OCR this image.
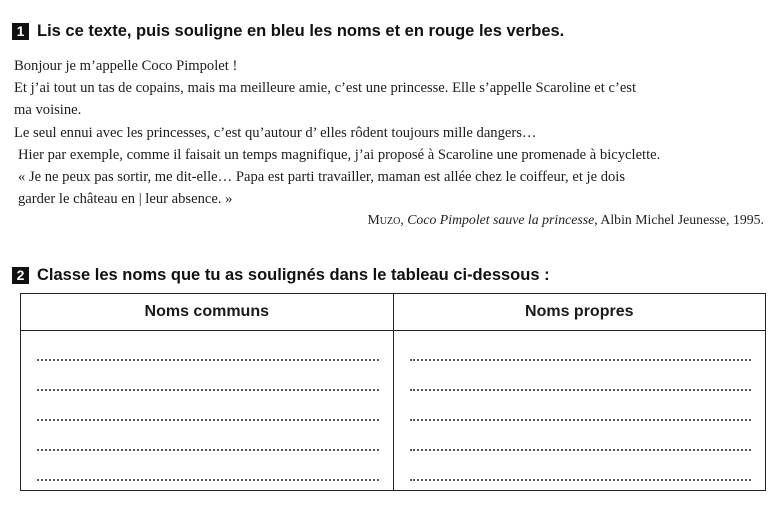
1 Lis ce texte, puis souligne en bleu les noms et en rouge les verbes.

Bonjour je m’appelle Coco Pimpolet !

Et j’ai tout un tas de copains, mais ma meilleure amie, c’est une princesse. Elle s’appelle Scaroline et c’est

ma voisine.

Le seul ennui avec les princesses, c’est qu’autour d’ elles rôdent toujours mille dangers…

Hier par exemple, comme il faisait un temps magnifique, j’ai proposé à Scaroline une promenade à bicyclette.

« Je ne peux pas sortir, me dit-elle… Papa est parti travailler, maman est allée chez le coiffeur, et je dois

garder le château en | leur absence. »

Muzo, Coco Pimpolet sauve la princesse, Albin Michel Jeunesse, 1995.
2 Classe les noms que tu as soulignés dans le tableau ci-dessous :
Noms communs	Noms propres
